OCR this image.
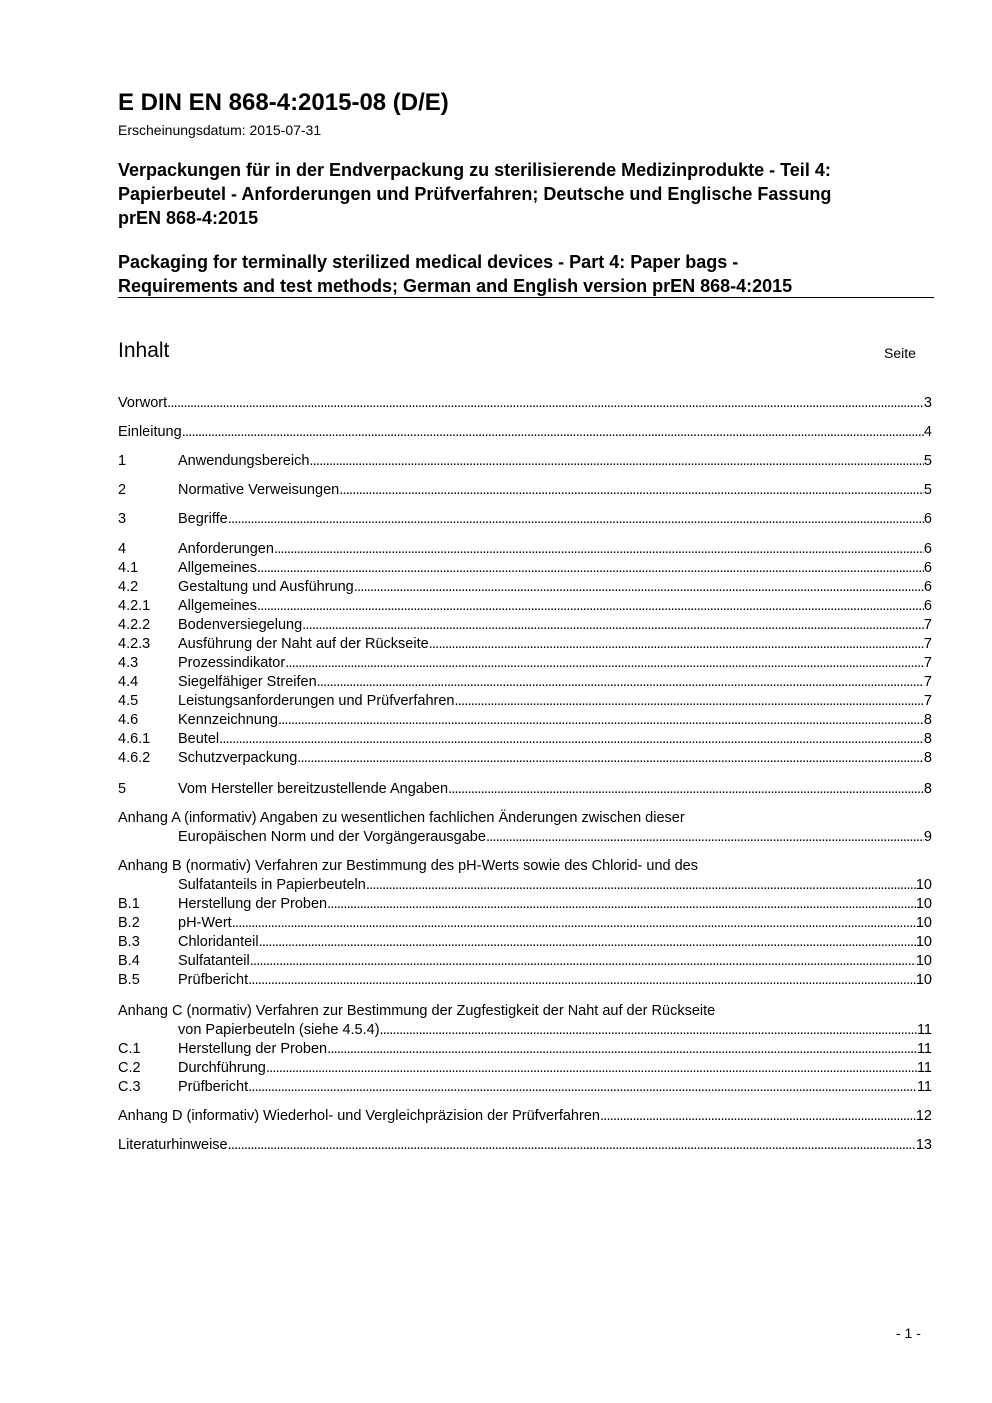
E DIN EN 868-4:2015-08 (D/E)
Erscheinungsdatum: 2015-07-31
Verpackungen für in der Endverpackung zu sterilisierende Medizinprodukte - Teil 4:
Papierbeutel - Anforderungen und Prüfverfahren; Deutsche und Englische Fassung
prEN 868-4:2015
Packaging for terminally sterilized medical devices - Part 4: Paper bags -
Requirements and test methods; German and English version prEN 868-4:2015
Inhalt	Seite
Vorwort . . .	3
Einleitung . . .	4
1	Anwendungsbereich . . .	5
2	Normative Verweisungen . . .	5
3	Begriffe . . .	6
4	Anforderungen . . .	6
4.1	Allgemeines . . .	6
4.2	Gestaltung und Ausführung . . .	6
4.2.1 Allgemeines . . .	6
4.2.2 Bodenversiegelung . . .	7
4.2.3 Ausführung der Naht auf der Rückseite . . .	7
4.3	Prozessindikator . . .	7
4.4	Siegelfähiger Streifen . . .	7
4.5	Leistungsanforderungen und Prüfverfahren . . .	7
4.6	Kennzeichnung . . .	8
4.6.1 Beutel . . .	8
4.6.2 Schutzverpackung . . .	8
5	Vom Hersteller bereitzustellende Angaben . . .	8
Anhang A (informativ) Angaben zu wesentlichen fachlichen Änderungen zwischen dieser
Europäischen Norm und der Vorgängerausgabe . . .	9
Anhang B (normativ) Verfahren zur Bestimmung des pH-Werts sowie des Chlorid- und des
Sulfatanteils in Papierbeuteln . . .	10
B.1	Herstellung der Proben . . .	10
B.2	pH-Wert . . .	10
B.3	Chloridanteil . . .	10
B.4	Sulfatanteil . . .	10
B.5	Prüfbericht . . .	10
Anhang C (normativ) Verfahren zur Bestimmung der Zugfestigkeit der Naht auf der Rückseite
von Papierbeuteln (siehe 4.5.4) . . .	11
C.1	Herstellung der Proben . . .	11
C.2	Durchführung . . .	11
C.3	Prüfbericht . . .	11
Anhang D (informativ) Wiederhol- und Vergleichpräzision der Prüfverfahren . . .	12
Literaturhinweise . . .	13
- 1 -
